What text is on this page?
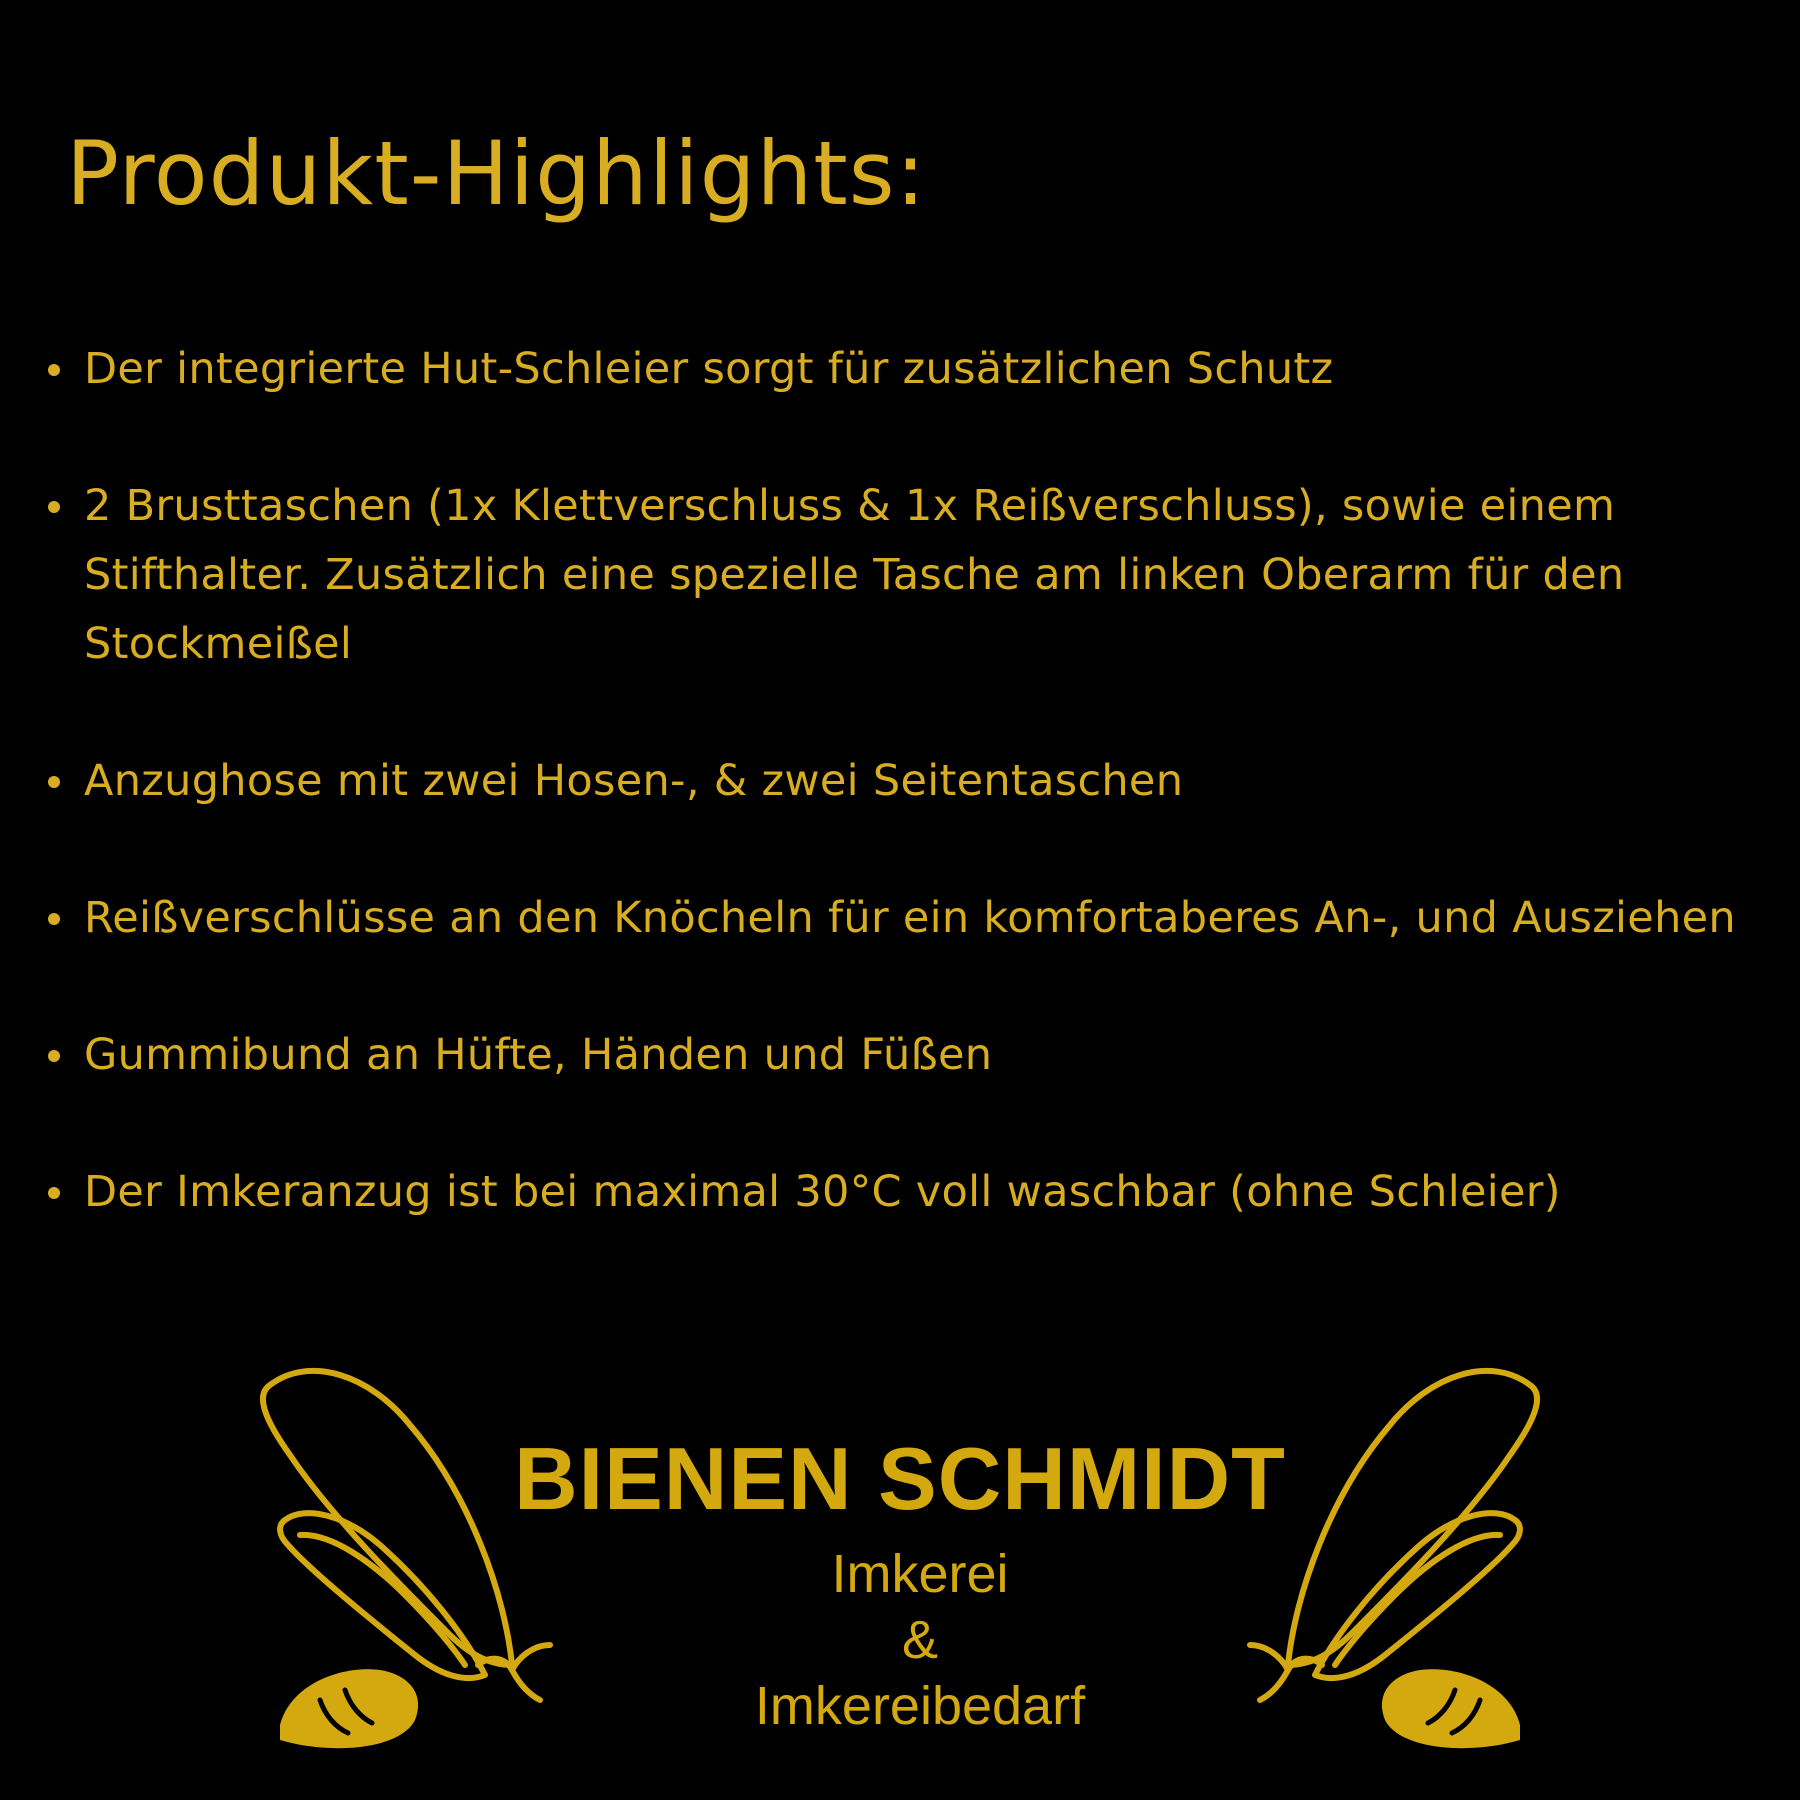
Produkt-Highlights:
Der integrierte Hut-Schleier sorgt für zusätzlichen Schutz
2 Brusttaschen (1x Klettverschluss & 1x Reißverschluss), sowie einem Stifthalter. Zusätzlich eine spezielle Tasche am linken Oberarm für den Stockmeißel
Anzughose mit zwei Hosen-, & zwei Seitentaschen
Reißverschlüsse an den Knöcheln für ein komfortaberes An-, und Ausziehen
Gummibund an Hüfte, Händen und Füßen
Der Imkeranzug ist bei maximal 30°C voll waschbar (ohne Schleier)
BIENEN SCHMIDT
Imkerei
&
Imkereibedarf
